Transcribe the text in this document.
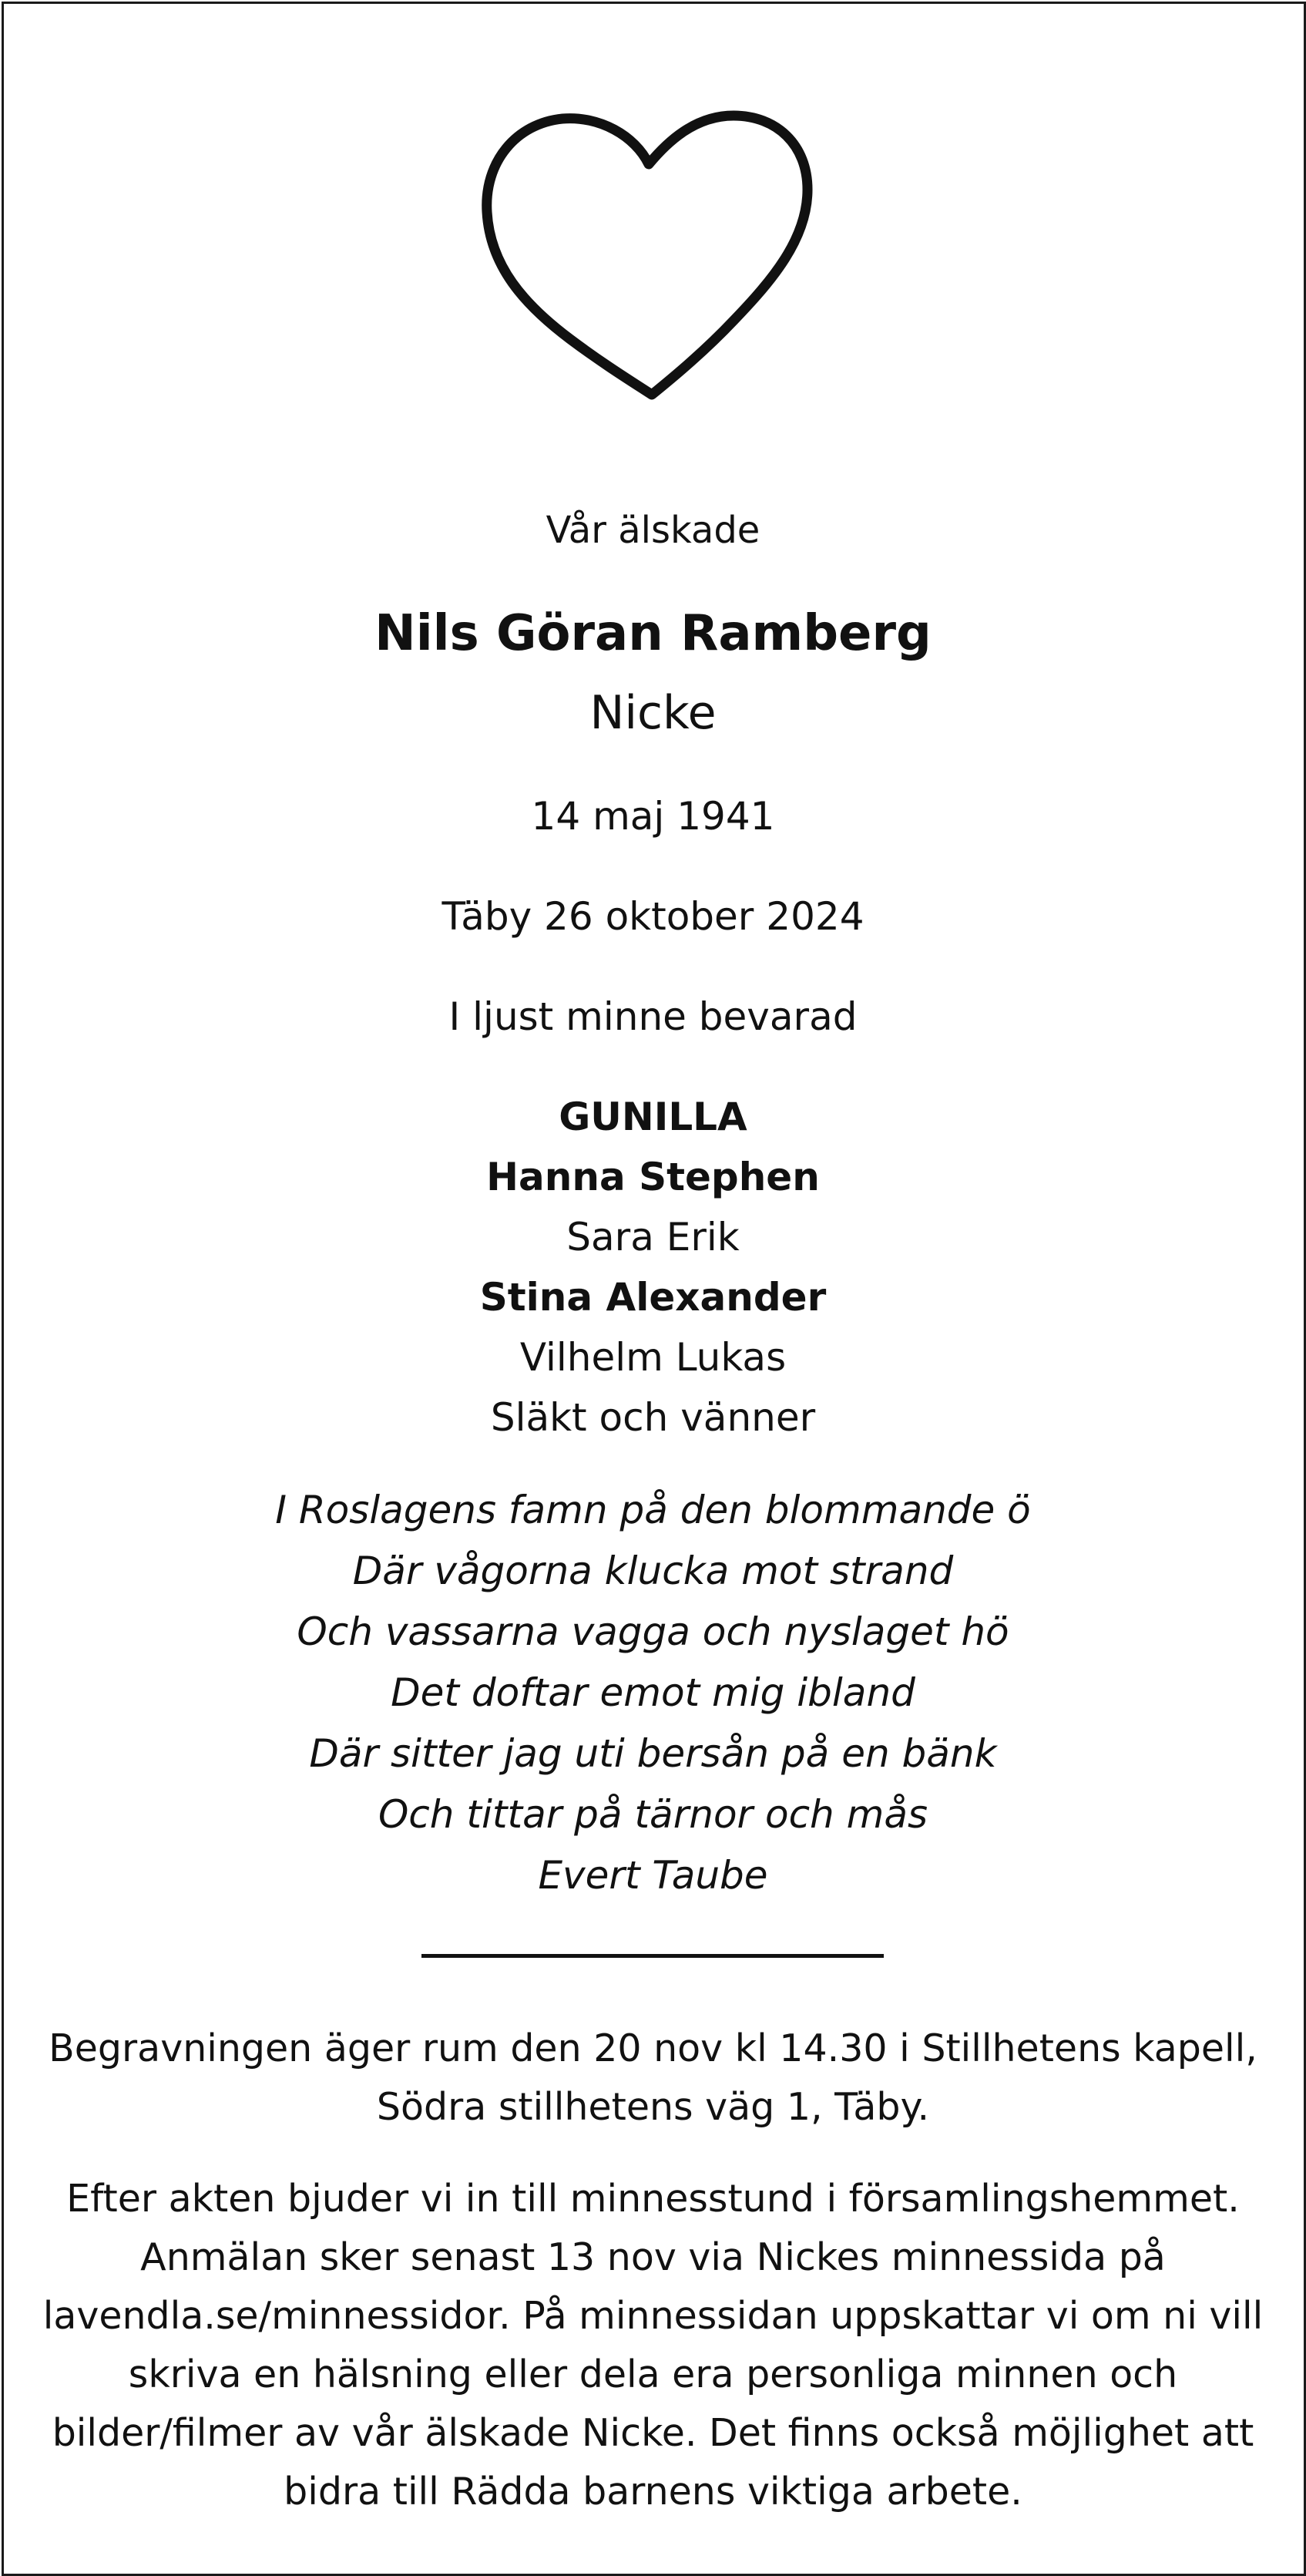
Vår älskade
Nils Göran Ramberg
Nicke
14 maj 1941
Täby 26 oktober 2024
I ljust minne bevarad
GUNILLA
Hanna Stephen
Sara Erik
Stina Alexander
Vilhelm Lukas
Släkt och vänner
I Roslagens famn på den blommande ö
Där vågorna klucka mot strand
Och vassarna vagga och nyslaget hö
Det doftar emot mig ibland
Där sitter jag uti bersån på en bänk
Och tittar på tärnor och mås
Evert Taube
Begravningen äger rum den 20 nov kl 14.30 i Stillhetens kapell,
Södra stillhetens väg 1, Täby.
Efter akten bjuder vi in till minnesstund i församlingshemmet.
Anmälan sker senast 13 nov via Nickes minnessida på
lavendla.se/minnessidor. På minnessidan uppskattar vi om ni vill
skriva en hälsning eller dela era personliga minnen och
bilder/filmer av vår älskade Nicke. Det finns också möjlighet att
bidra till Rädda barnens viktiga arbete.
